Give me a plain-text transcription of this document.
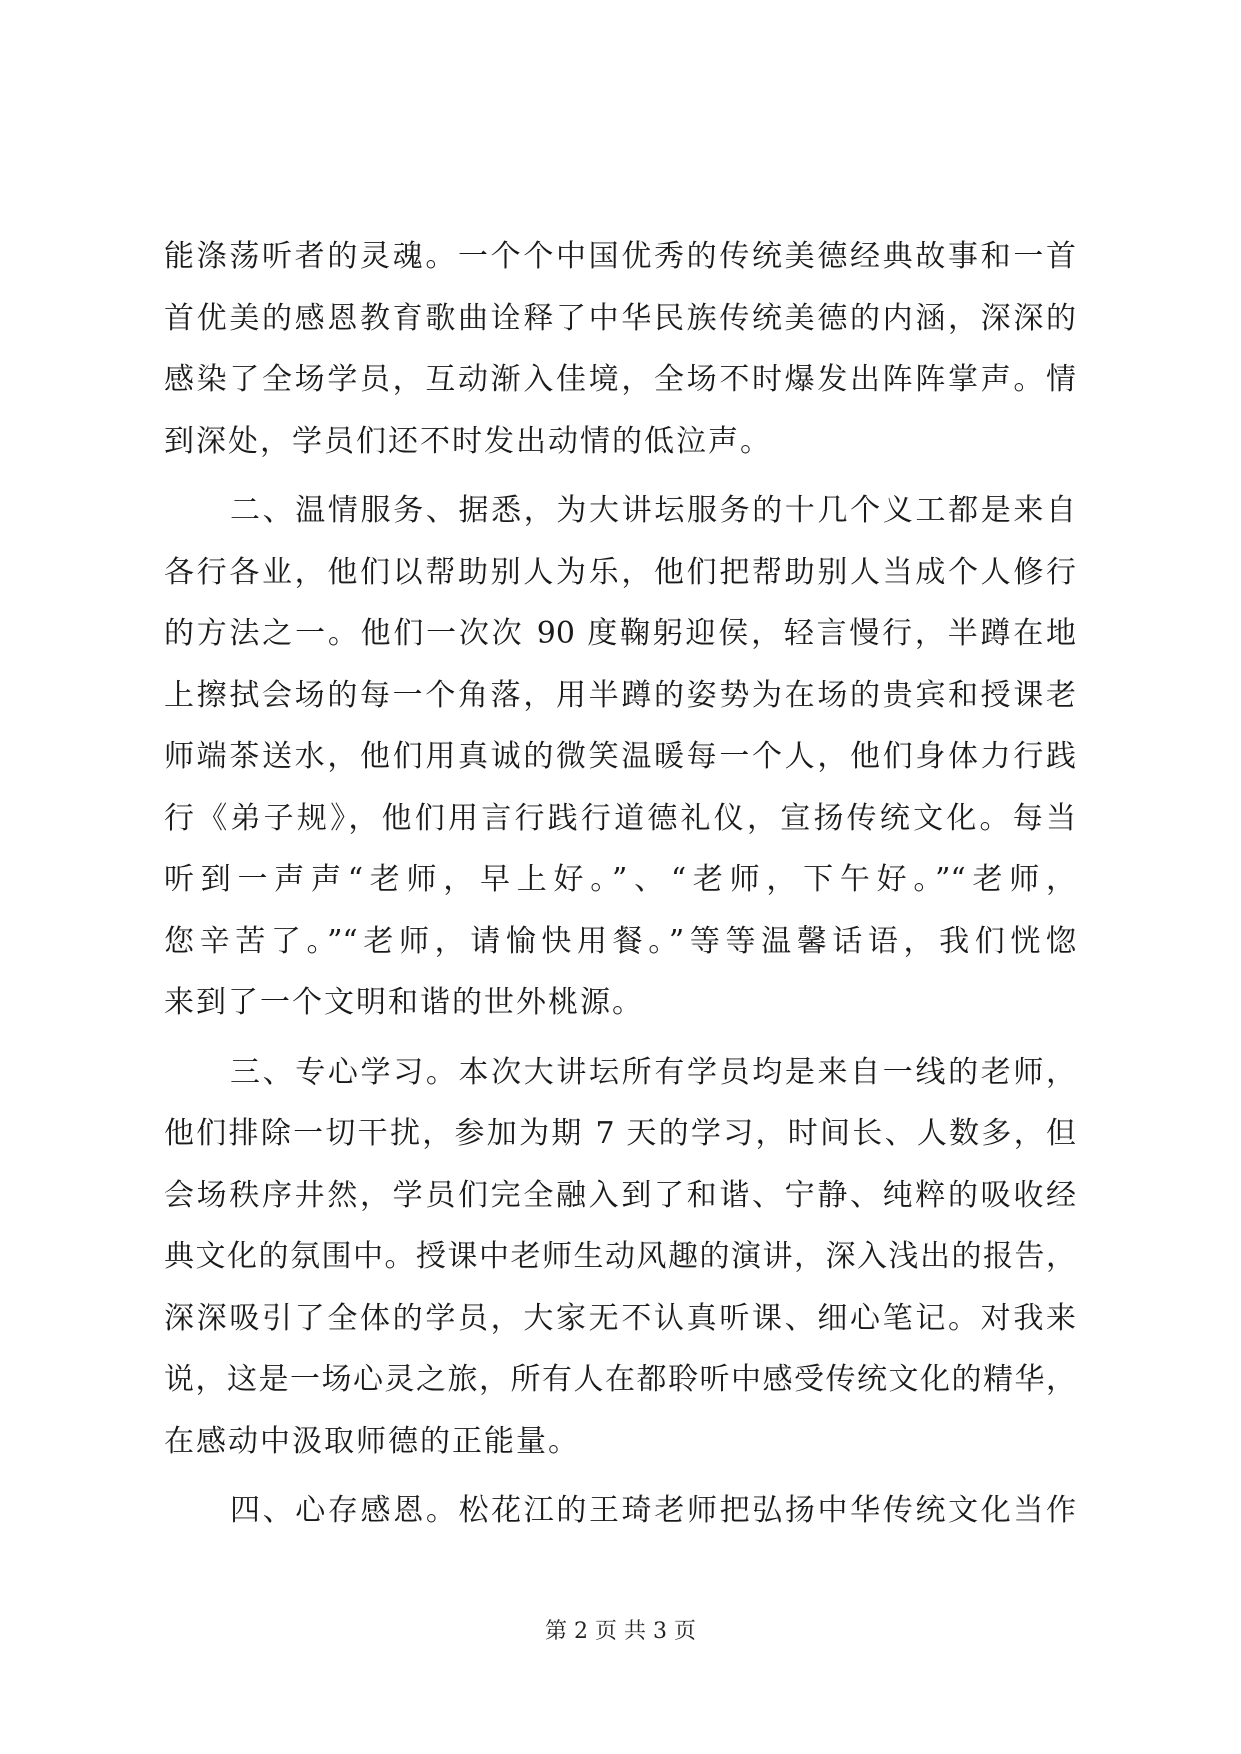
能涤荡听者的灵魂。一个个中国优秀的传统美德经典故事和一首
首优美的感恩教育歌曲诠释了中华民族传统美德的内涵，深深的
感染了全场学员，互动渐入佳境，全场不时爆发出阵阵掌声。情
到深处，学员们还不时发出动情的低泣声。
二、温情服务、据悉，为大讲坛服务的十几个义工都是来自
各行各业，他们以帮助别人为乐，他们把帮助别人当成个人修行
的方法之一。他们一次次 90 度鞠躬迎侯，轻言慢行，半蹲在地
上擦拭会场的每一个角落，用半蹲的姿势为在场的贵宾和授课老
师端茶送水，他们用真诚的微笑温暖每一个人，他们身体力行践
行《弟子规》，他们用言行践行道德礼仪，宣扬传统文化。每当
听到一声声“老师，早上好。”、“老师，下午好。”“老师，
您辛苦了。”“老师，请愉快用餐。”等等温馨话语，我们恍惚
来到了一个文明和谐的世外桃源。
三、专心学习。本次大讲坛所有学员均是来自一线的老师，
他们排除一切干扰，参加为期 7 天的学习，时间长、人数多，但
会场秩序井然，学员们完全融入到了和谐、宁静、纯粹的吸收经
典文化的氛围中。授课中老师生动风趣的演讲，深入浅出的报告，
深深吸引了全体的学员，大家无不认真听课、细心笔记。对我来
说，这是一场心灵之旅，所有人在都聆听中感受传统文化的精华，
在感动中汲取师德的正能量。
四、心存感恩。松花江的王琦老师把弘扬中华传统文化当作
第 2 页 共 3 页
